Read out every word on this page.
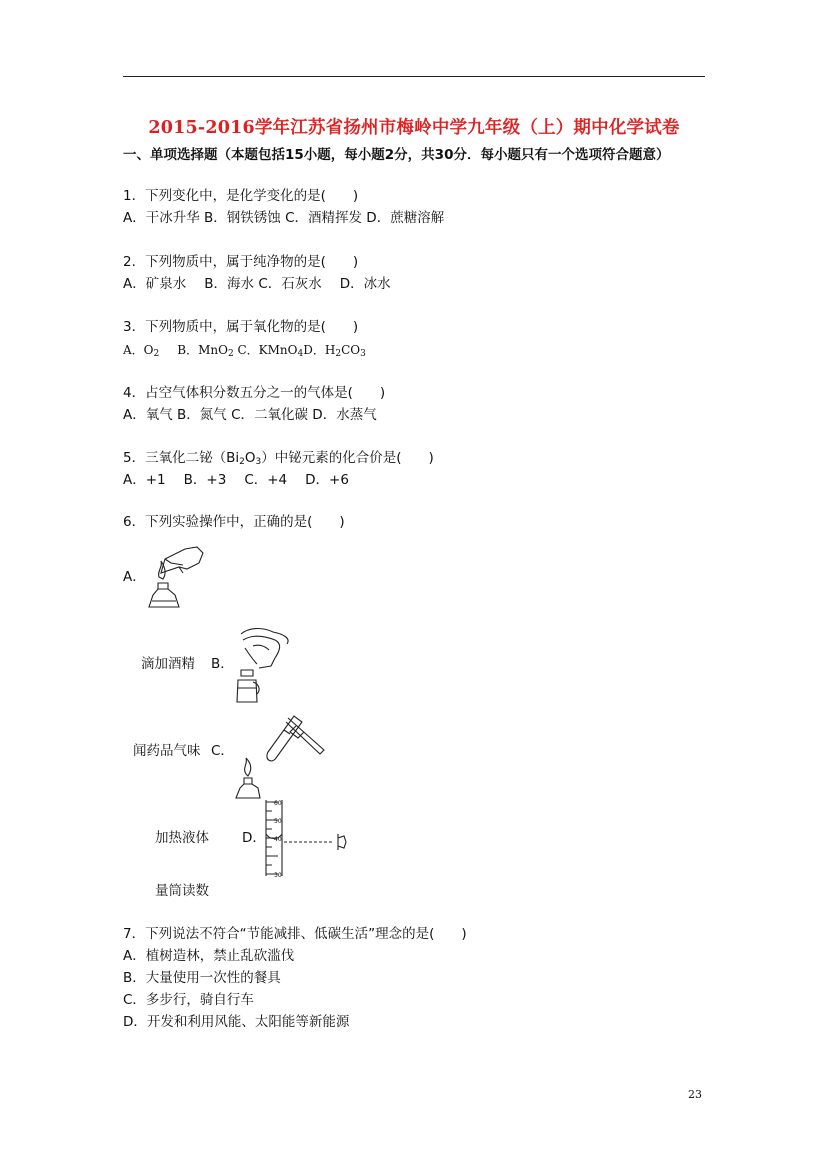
2015-2016学年江苏省扬州市梅岭中学九年级（上）期中化学试卷
一、单项选择题（本题包括15小题，每小题2分，共30分．每小题只有一个选项符合题意）
1．下列变化中，是化学变化的是(　　)
A．干冰升华 B．钢铁锈蚀 C．酒精挥发 D．蔗糖溶解
2．下列物质中，属于纯净物的是(　　)
A．矿泉水 B．海水 C．石灰水 D．冰水
3．下列物质中，属于氧化物的是(　　)
A．$O_2$ B．MnO$_2$ C．KMnO$_4$D．$H_2CO_3$
4．占空气体积分数五分之一的气体是(　　)
A．氧气 B．氮气 C．二氧化碳 D．水蒸气
5．三氧化二铋$(Bi_2O_3)$中铋元素的化合价是(　　)
A．+1 B．+3 C．+4 D．+6
6．下列实验操作中，正确的是(　　)
A．
滴加酒精 B．
闻药品气味 C．
加热液体 D．
60
50
40
30
量筒读数
7．下列说法不符合“节能减排、低碳生活”理念的是(　　)
A．植树造林，禁止乱砍滥伐
B．大量使用一次性的餐具
C．多步行，骑自行车
D．开发和利用风能、太阳能等新能源
23
